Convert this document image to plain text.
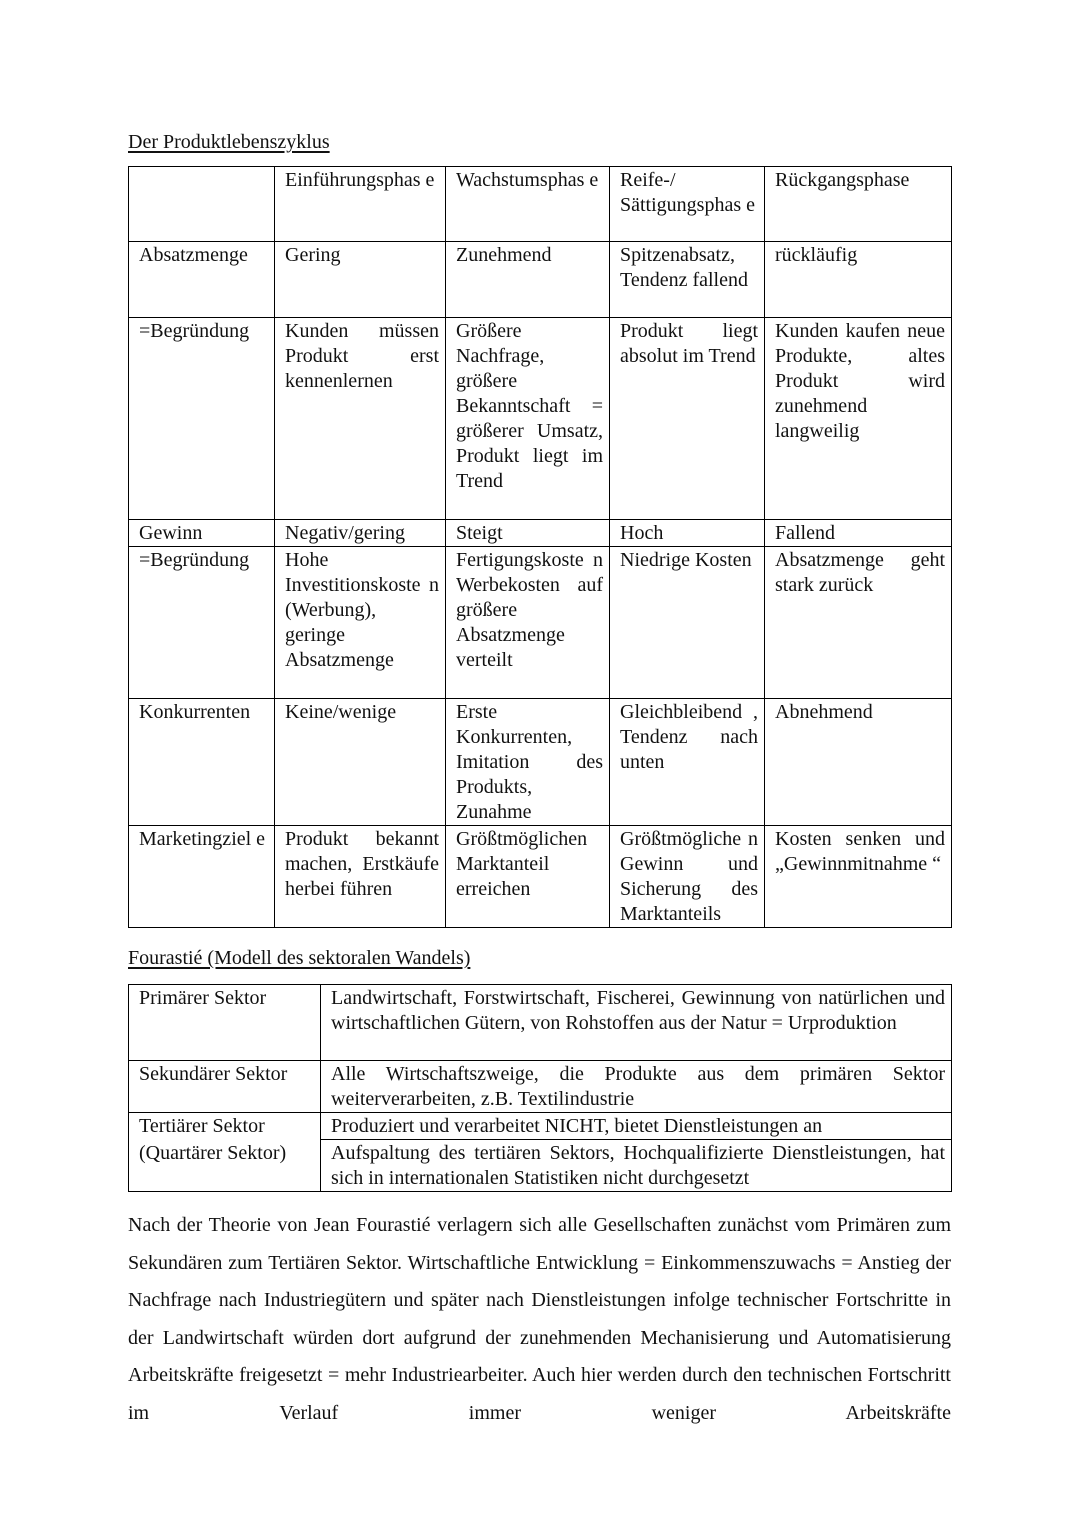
Der Produktlebenszyklus
	Einführungsphas e	Wachstumsphas e	Reife-/ Sättigungsphas e	Rückgangsphase
Absatzmenge	Gering	Zunehmend	Spitzenabsatz, Tendenz fallend	rückläufig
=Begründung	Kunden müssen Produkt erst kennenlernen	Größere Nachfrage, größere Bekanntschaft = größerer Umsatz, Produkt liegt im Trend	Produkt liegt absolut im Trend	Kunden kaufen neue Produkte, altes Produkt wird zunehmend langweilig
Gewinn	Negativ/gering	Steigt	Hoch	Fallend
=Begründung	Hohe Investitionskoste n (Werbung), geringe Absatzmenge	Fertigungskoste n Werbekosten auf größere Absatzmenge verteilt	Niedrige Kosten	Absatzmenge geht stark zurück
Konkurrenten	Keine/wenige	Erste Konkurrenten, Imitation des Produkts, Zunahme	Gleichbleibend , Tendenz nach unten	Abnehmend
Marketingziel e	Produkt bekannt machen, Erstkäufe herbei führen	Größtmöglichen Marktanteil erreichen	Größtmögliche n Gewinn und Sicherung des Marktanteils	Kosten senken und „Gewinnmitnahme “
Fourastié (Modell des sektoralen Wandels)
Primärer Sektor	Landwirtschaft, Forstwirtschaft, Fischerei, Gewinnung von natürlichen und wirtschaftlichen Gütern, von Rohstoffen aus der Natur = Urproduktion
Sekundärer Sektor	Alle Wirtschaftszweige, die Produkte aus dem primären Sektor weiterverarbeiten, z.B. Textilindustrie
Tertiärer Sektor	Produziert und verarbeitet NICHT, bietet Dienstleistungen an
(Quartärer Sektor)	Aufspaltung des tertiären Sektors, Hochqualifizierte Dienstleistungen, hat sich in internationalen Statistiken nicht durchgesetzt
Nach der Theorie von Jean Fourastié verlagern sich alle Gesellschaften zunächst vom Primären zum Sekundären zum Tertiären Sektor. Wirtschaftliche Entwicklung = Einkommenszuwachs = Anstieg der Nachfrage nach Industriegütern und später nach Dienstleistungen infolge technischer Fortschritte in der Landwirtschaft würden dort aufgrund der zunehmenden Mechanisierung und Automatisierung Arbeitskräfte freigesetzt = mehr Industriearbeiter. Auch hier werden durch den technischen Fortschritt im Verlauf immer weniger Arbeitskräfte
